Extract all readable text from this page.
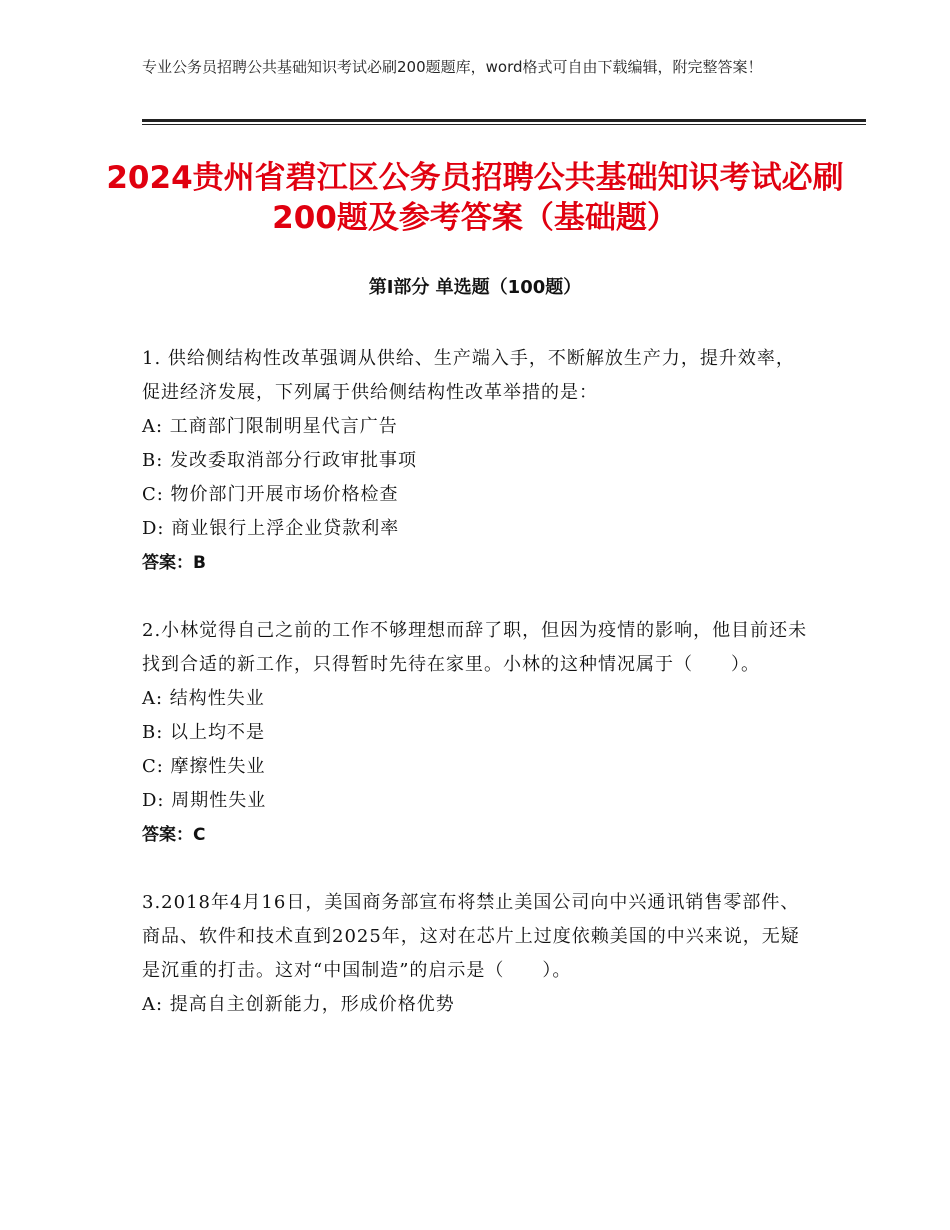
专业公务员招聘公共基础知识考试必刷200题题库，word格式可自由下载编辑，附完整答案！
2024贵州省碧江区公务员招聘公共基础知识考试必刷200题及参考答案（基础题）
第Ⅰ部分 单选题（100题）

1. 供给侧结构性改革强调从供给、生产端入手，不断解放生产力，提升效率，促进经济发展，下列属于供给侧结构性改革举措的是：

A: 工商部门限制明星代言广告

B: 发改委取消部分行政审批事项

C: 物价部门开展市场价格检查

D: 商业银行上浮企业贷款利率

答案：B

2.小林觉得自己之前的工作不够理想而辞了职，但因为疫情的影响，他目前还未找到合适的新工作，只得暂时先待在家里。小林的这种情况属于（　　）。

A: 结构性失业

B: 以上均不是

C: 摩擦性失业

D: 周期性失业

答案：C

3.2018年4月16日，美国商务部宣布将禁止美国公司向中兴通讯销售零部件、商品、软件和技术直到2025年，这对在芯片上过度依赖美国的中兴来说，无疑是沉重的打击。这对“中国制造”的启示是（　　）。

A: 提高自主创新能力，形成价格优势
